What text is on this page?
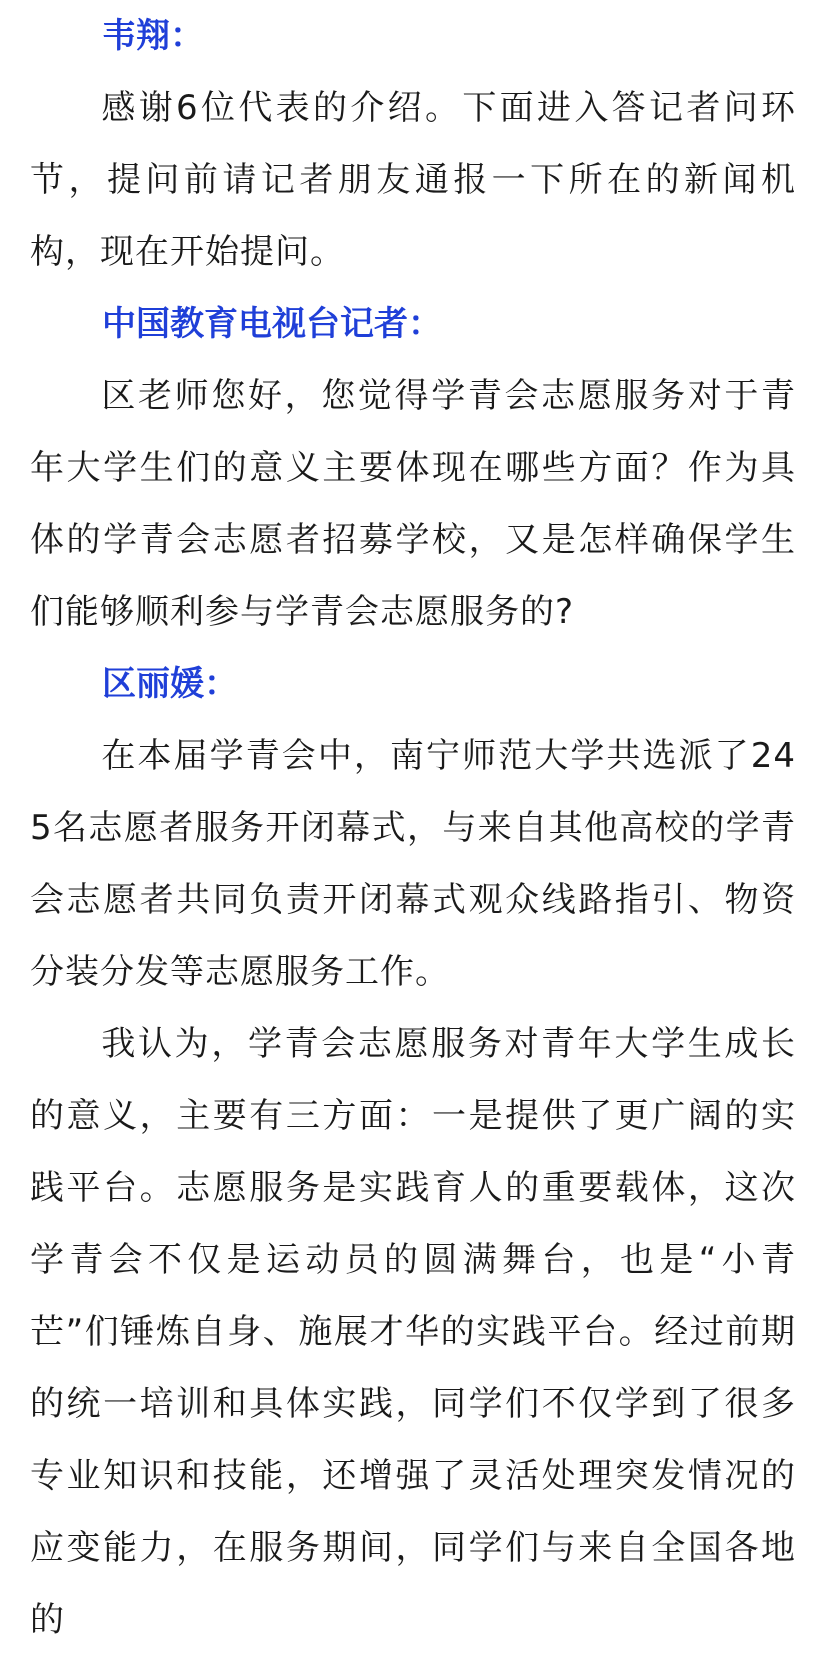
韦翔：

感谢6位代表的介绍。下面进入答记者问环节，提问前请记者朋友通报一下所在的新闻机构，现在开始提问。

中国教育电视台记者：

区老师您好，您觉得学青会志愿服务对于青年大学生们的意义主要体现在哪些方面？作为具体的学青会志愿者招募学校，又是怎样确保学生们能够顺利参与学青会志愿服务的?

区丽媛：

在本届学青会中，南宁师范大学共选派了245名志愿者服务开闭幕式，与来自其他高校的学青会志愿者共同负责开闭幕式观众线路指引、物资分装分发等志愿服务工作。

我认为，学青会志愿服务对青年大学生成长的意义，主要有三方面：一是提供了更广阔的实践平台。志愿服务是实践育人的重要载体，这次学青会不仅是运动员的圆满舞台，也是“小青芒”们锤炼自身、施展才华的实践平台。经过前期的统一培训和具体实践，同学们不仅学到了很多专业知识和技能，还增强了灵活处理突发情况的应变能力，在服务期间，同学们与来自全国各地的
